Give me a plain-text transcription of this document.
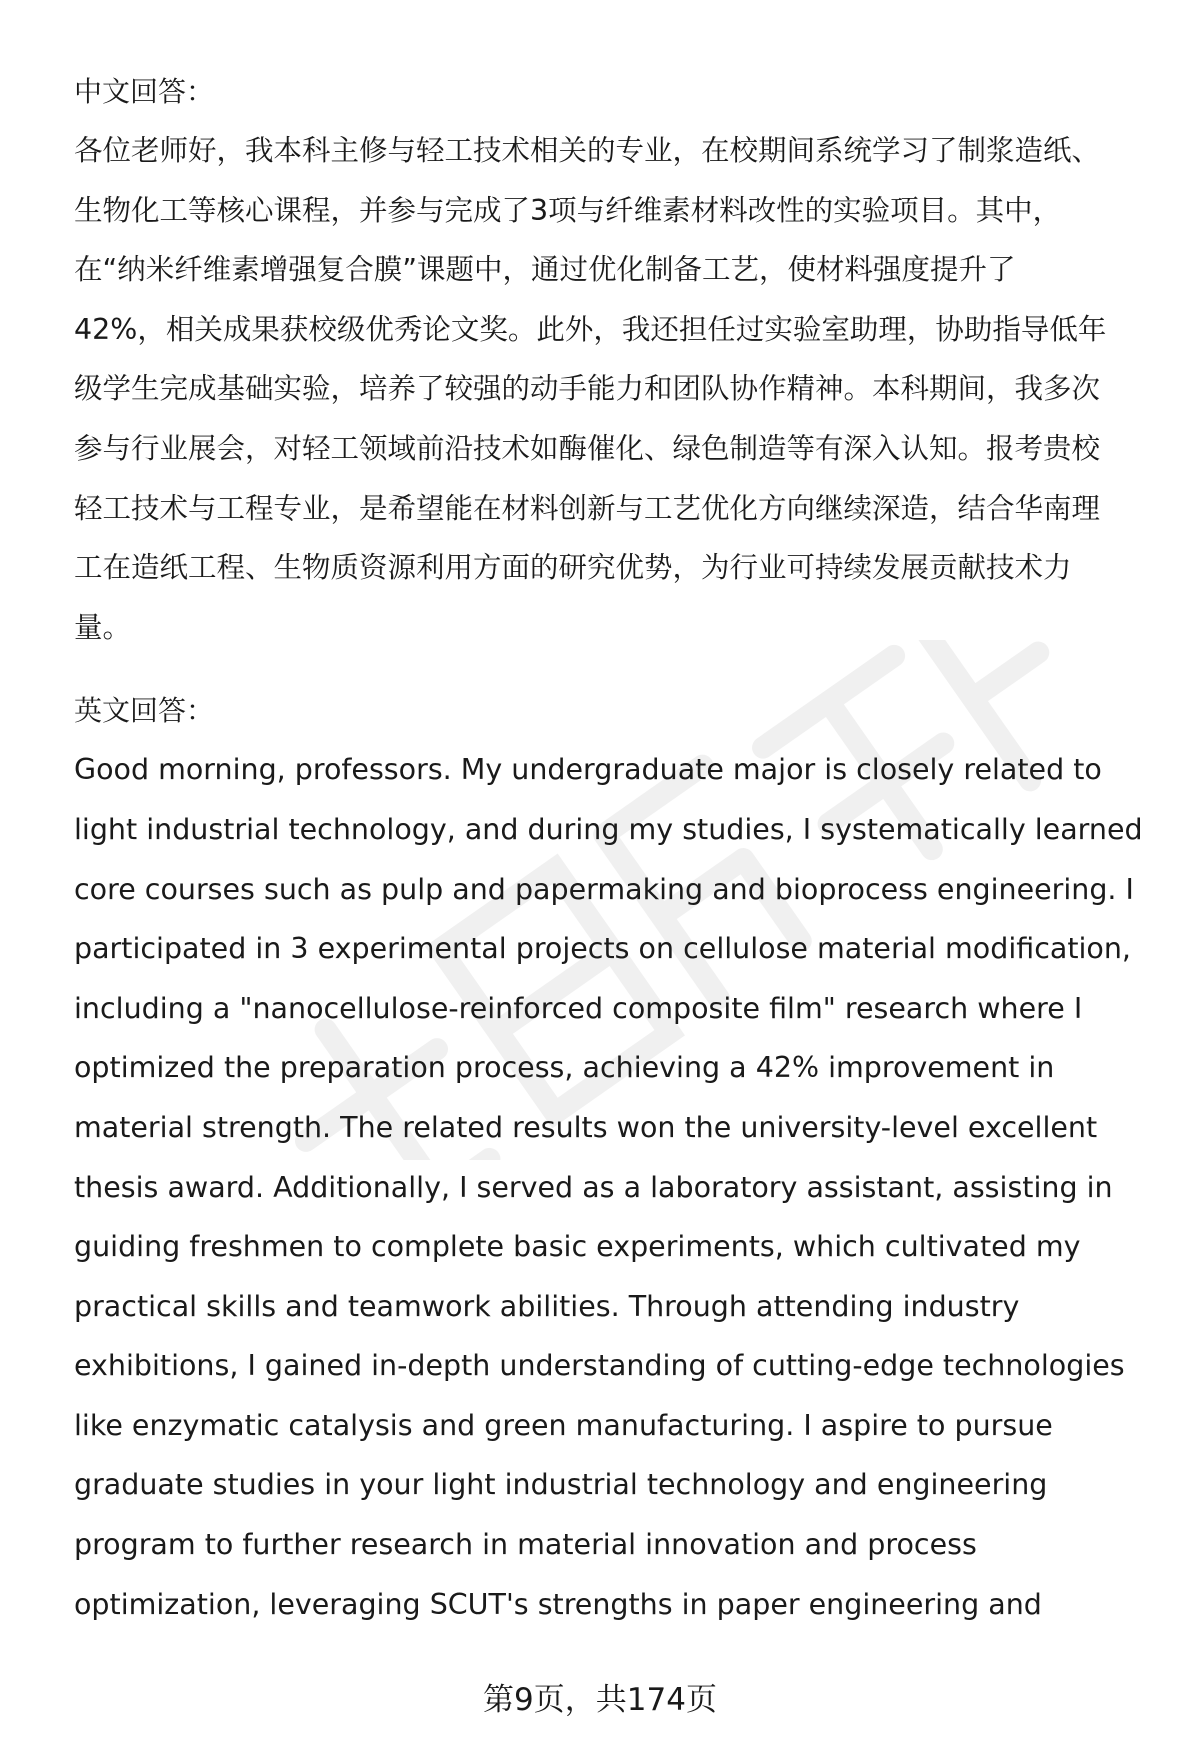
中文回答：

各位老师好，我本科主修与轻工技术相关的专业，在校期间系统学习了制浆造纸、
生物化工等核心课程，并参与完成了3项与纤维素材料改性的实验项目。其中，
在“纳米纤维素增强复合膜”课题中，通过优化制备工艺，使材料强度提升了
42%，相关成果获校级优秀论文奖。此外，我还担任过实验室助理，协助指导低年
级学生完成基础实验，培养了较强的动手能力和团队协作精神。本科期间，我多次
参与行业展会，对轻工领域前沿技术如酶催化、绿色制造等有深入认知。报考贵校
轻工技术与工程专业，是希望能在材料创新与工艺优化方向继续深造，结合华南理
工在造纸工程、生物质资源利用方面的研究优势，为行业可持续发展贡献技术力
量。

英文回答：

Good morning, professors. My undergraduate major is closely related to
light industrial technology, and during my studies, I systematically learned
core courses such as pulp and papermaking and bioprocess engineering. I
participated in 3 experimental projects on cellulose material modification,
including a "nanocellulose-reinforced composite film" research where I
optimized the preparation process, achieving a 42% improvement in
material strength. The related results won the university-level excellent
thesis award. Additionally, I served as a laboratory assistant, assisting in
guiding freshmen to complete basic experiments, which cultivated my
practical skills and teamwork abilities. Through attending industry
exhibitions, I gained in-depth understanding of cutting-edge technologies
like enzymatic catalysis and green manufacturing. I aspire to pursue
graduate studies in your light industrial technology and engineering
program to further research in material innovation and process
optimization, leveraging SCUT's strengths in paper engineering and
第9页，共174页
